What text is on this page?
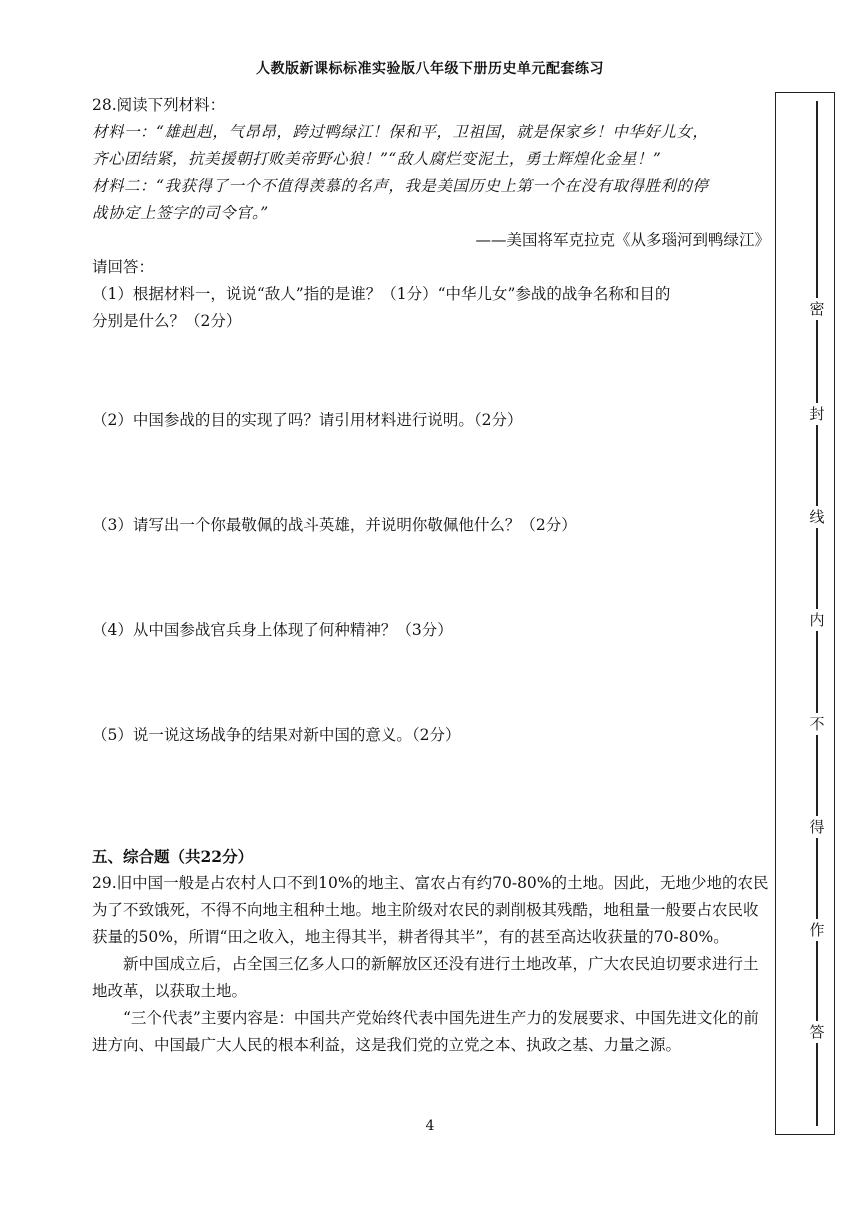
人教版新课标标准实验版八年级下册历史单元配套练习
28.阅读下列材料：
材料一：“雄赳赳，气昂昂，跨过鸭绿江！保和平，卫祖国，就是保家乡！中华好儿女，
齐心团结紧，抗美援朝打败美帝野心狼！”“敌人腐烂变泥土，勇士辉煌化金星！”
材料二：“我获得了一个不值得羡慕的名声，我是美国历史上第一个在没有取得胜利的停
战协定上签字的司令官。”
——美国将军克拉克《从多瑙河到鸭绿江》
请回答：
（1）根据材料一，说说“敌人”指的是谁？（1分）“中华儿女”参战的战争名称和目的
分别是什么？（2分）
（2）中国参战的目的实现了吗？请引用材料进行说明。（2分）
（3）请写出一个你最敬佩的战斗英雄，并说明你敬佩他什么？（2分）
（4）从中国参战官兵身上体现了何种精神？（3分）
（5）说一说这场战争的结果对新中国的意义。（2分）
五、综合题（共22分）
29.旧中国一般是占农村人口不到10%的地主、富农占有约70-80%的土地。因此，无地少地的农民为了不致饿死，不得不向地主租种土地。地主阶级对农民的剥削极其残酷，地租量一般要占农民收获量的50%，所谓“田之收入，地主得其半，耕者得其半”，有的甚至高达收获量的70-80%。
新中国成立后，占全国三亿多人口的新解放区还没有进行土地改革，广大农民迫切要求进行土地改革，以获取土地。
“三个代表”主要内容是：中国共产党始终代表中国先进生产力的发展要求、中国先进文化的前进方向、中国最广大人民的根本利益，这是我们党的立党之本、执政之基、力量之源。
密
封
线
内
不
得
作
答
4
